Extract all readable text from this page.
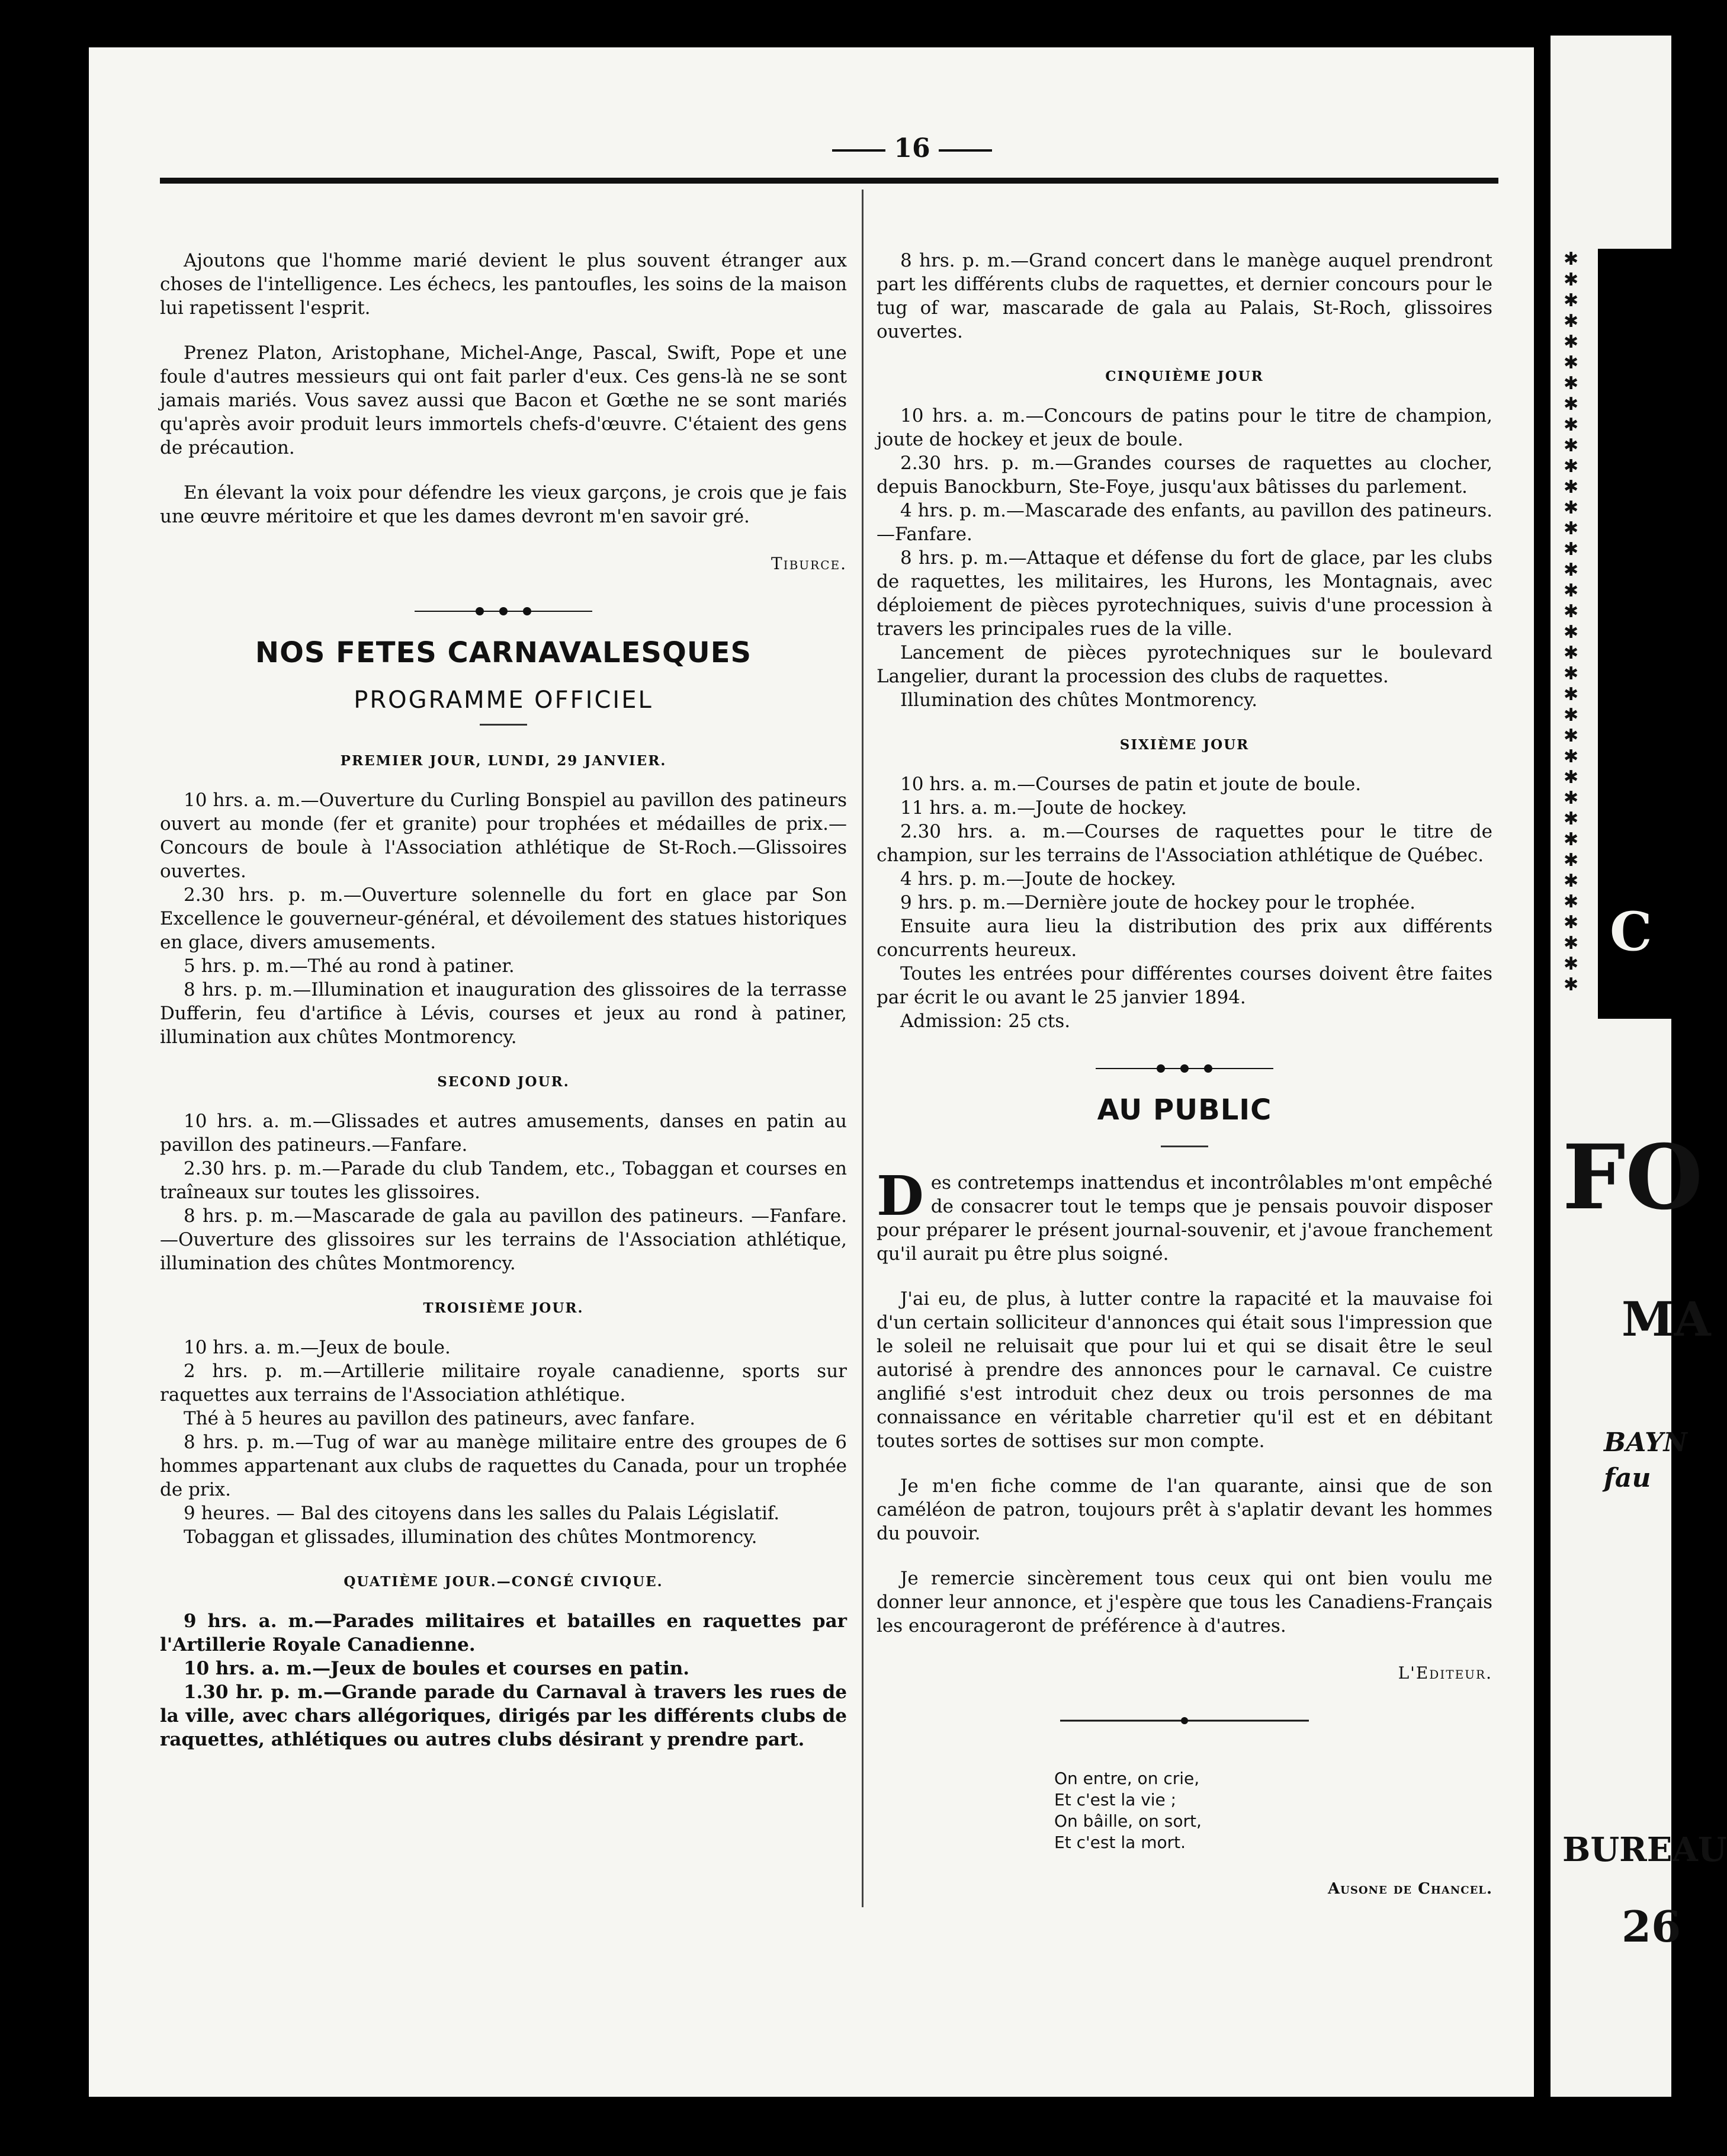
16

Ajoutons que l'homme marié devient le plus souvent étranger aux choses de l'intelligence. Les échecs, les pantoufles, les soins de la maison lui rapetissent l'esprit.

Prenez Platon, Aristophane, Michel-Ange, Pascal, Swift, Pope et une foule d'autres messieurs qui ont fait parler d'eux. Ces gens-là ne se sont jamais mariés. Vous savez aussi que Bacon et Gœthe ne se sont mariés qu'après avoir produit leurs immortels chefs-d'œuvre. C'étaient des gens de précaution.

En élevant la voix pour défendre les vieux garçons, je crois que je fais une œuvre méritoire et que les dames devront m'en savoir gré.

Tiburce.
NOS FETES CARNAVALESQUES
PROGRAMME OFFICIEL
PREMIER JOUR, LUNDI, 29 JANVIER.

10 hrs. a. m.—Ouverture du Curling Bonspiel au pavillon des patineurs ouvert au monde (fer et granite) pour trophées et médailles de prix.—Concours de boule à l'Association athlétique de St-Roch.—Glissoires ouvertes.

2.30 hrs. p. m.—Ouverture solennelle du fort en glace par Son Excellence le gouverneur-général, et dévoilement des statues historiques en glace, divers amusements.

5 hrs. p. m.—Thé au rond à patiner.

8 hrs. p. m.—Illumination et inauguration des glissoires de la terrasse Dufferin, feu d'artifice à Lévis, courses et jeux au rond à patiner, illumination aux chûtes Montmorency.

SECOND JOUR.

10 hrs. a. m.—Glissades et autres amusements, danses en patin au pavillon des patineurs.—Fanfare.

2.30 hrs. p. m.—Parade du club Tandem, etc., Tobaggan et courses en traîneaux sur toutes les glissoires.

8 hrs. p. m.—Mascarade de gala au pavillon des patineurs. —Fanfare.—Ouverture des glissoires sur les terrains de l'Association athlétique, illumination des chûtes Montmorency.

TROISIÈME JOUR.

10 hrs. a. m.—Jeux de boule.

2 hrs. p. m.—Artillerie militaire royale canadienne, sports sur raquettes aux terrains de l'Association athlétique.

Thé à 5 heures au pavillon des patineurs, avec fanfare.

8 hrs. p. m.—Tug of war au manège militaire entre des groupes de 6 hommes appartenant aux clubs de raquettes du Canada, pour un trophée de prix.

9 heures. — Bal des citoyens dans les salles du Palais Législatif.

Tobaggan et glissades, illumination des chûtes Montmorency.

QUATIÈME JOUR.—CONGÉ CIVIQUE.

9 hrs. a. m.—Parades militaires et batailles en raquettes par l'Artillerie Royale Canadienne.

10 hrs. a. m.—Jeux de boules et courses en patin.

1.30 hr. p. m.—Grande parade du Carnaval à travers les rues de la ville, avec chars allégoriques, dirigés par les différents clubs de raquettes, athlétiques ou autres clubs désirant y prendre part.

8 hrs. p. m.—Grand concert dans le manège auquel prendront part les différents clubs de raquettes, et dernier concours pour le tug of war, mascarade de gala au Palais, St-Roch, glissoires ouvertes.

CINQUIÈME JOUR

10 hrs. a. m.—Concours de patins pour le titre de champion, joute de hockey et jeux de boule.

2.30 hrs. p. m.—Grandes courses de raquettes au clocher, depuis Banockburn, Ste-Foye, jusqu'aux bâtisses du parlement.

4 hrs. p. m.—Mascarade des enfants, au pavillon des patineurs.—Fanfare.

8 hrs. p. m.—Attaque et défense du fort de glace, par les clubs de raquettes, les militaires, les Hurons, les Montagnais, avec déploiement de pièces pyrotechniques, suivis d'une procession à travers les principales rues de la ville.

Lancement de pièces pyrotechniques sur le boulevard Langelier, durant la procession des clubs de raquettes.

Illumination des chûtes Montmorency.

SIXIÈME JOUR

10 hrs. a. m.—Courses de patin et joute de boule.

11 hrs. a. m.—Joute de hockey.

2.30 hrs. a. m.—Courses de raquettes pour le titre de champion, sur les terrains de l'Association athlétique de Québec.

4 hrs. p. m.—Joute de hockey.

9 hrs. p. m.—Dernière joute de hockey pour le trophée.

Ensuite aura lieu la distribution des prix aux différents concurrents heureux.

Toutes les entrées pour différentes courses doivent être faites par écrit le ou avant le 25 janvier 1894.

Admission: 25 cts.

AU PUBLIC

D es contretemps inattendus et incontrôlables m'ont empêché de consacrer tout le temps que je pensais pouvoir disposer pour préparer le présent journal-souvenir, et j'avoue franchement qu'il aurait pu être plus soigné.

J'ai eu, de plus, à lutter contre la rapacité et la mauvaise foi d'un certain solliciteur d'annonces qui était sous l'impression que le soleil ne reluisait que pour lui et qui se disait être le seul autorisé à prendre des annonces pour le carnaval. Ce cuistre anglifié s'est introduit chez deux ou trois personnes de ma connaissance en véritable charretier qu'il est et en débitant toutes sortes de sottises sur mon compte.

Je m'en fiche comme de l'an quarante, ainsi que de son caméléon de patron, toujours prêt à s'aplatir devant les hommes du pouvoir.

Je remercie sincèrement tous ceux qui ont bien voulu me donner leur annonce, et j'espère que tous les Canadiens-Français les encourageront de préférence à d'autres.

L'Editeur.
On entre, on crie,
Et c'est la vie ;
On bâille, on sort,
Et c'est la mort.
Ausone de Chancel.
✱
✱
✱
✱
✱
✱
✱
✱
✱
✱
✱
✱
✱
✱
✱
✱
✱
✱
✱
✱
✱
✱
✱
✱
✱
✱
✱
✱
✱
✱
✱
✱
✱
✱
✱
✱
C
FO
MA
BAYN
fau
BUREAU
26
